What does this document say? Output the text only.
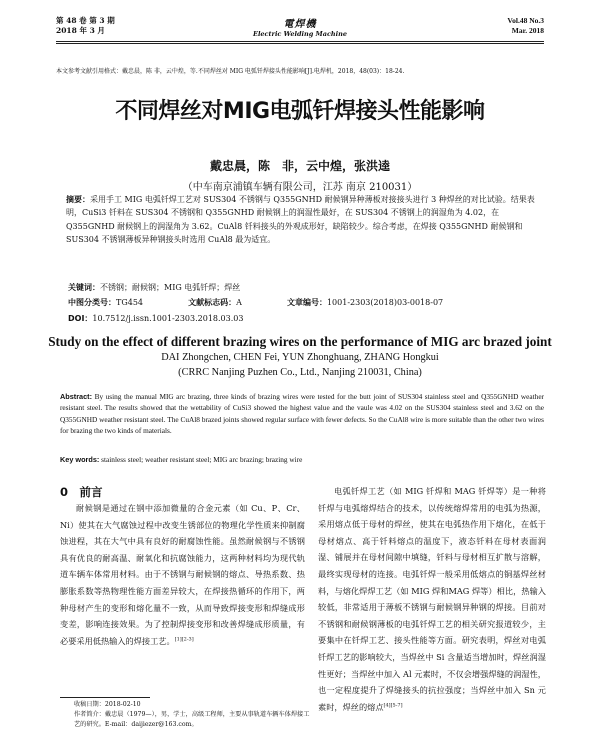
第 48 卷 第 3 期
2018 年 3 月
電焊機
Electric Welding Machine
Vol.48 No.3
Mar. 2018
本文参考文献引用格式：戴忠晨，陈 非，云中煌，等.不同焊丝对 MIG 电弧钎焊接头性能影响[J].电焊机，2018，48(03)：18-24.
不同焊丝对MIG电弧钎焊接头性能影响
戴忠晨，陈　非，云中煌，张洪逵
（中车南京浦镇车辆有限公司，江苏 南京 210031）
摘要：采用手工 MIG 电弧钎焊工艺对 SUS304 不锈钢与 Q355GNHD 耐候钢异种薄板对接接头进行 3 种焊丝的对比试验。结果表明，CuSi3 钎料在 SUS304 不锈钢和 Q355GNHD 耐候钢上的润湿性最好，在 SUS304 不锈钢上的润湿角为 4.02，在 Q355GNHD 耐候钢上的润湿角为 3.62。CuAl8 钎料接头的外观成形好，缺陷较少。综合考虑，在焊接 Q355GNHD 耐候钢和 SUS304 不锈钢薄板异种钢接头时选用 CuAl8 最为适宜。
关键词：不锈钢；耐候钢；MIG 电弧钎焊；焊丝
中图分类号：TG454	文献标志码：A	文章编号：1001-2303(2018)03-0018-07
DOI：10.7512/j.issn.1001-2303.2018.03.03
Study on the effect of different brazing wires on the performance of MIG arc brazed joint
DAI Zhongchen, CHEN Fei, YUN Zhonghuang, ZHANG Hongkui
(CRRC Nanjing Puzhen Co., Ltd., Nanjing 210031, China)
Abstract: By using the manual MIG arc brazing, three kinds of brazing wires were tested for the butt joint of SUS304 stainless steel and Q355GNHD weather resistant steel. The results showed that the wettability of CuSi3 showed the highest value and the vaule was 4.02 on the SUS304 stainless steel and 3.62 on the Q355GNHD weather resistant steel. The CuAl8 brazed joints showed regular surface with fewer defects. So the CuAl8 wire is more suitable than the other two wires for brazing the two kinds of materials.
Key words: stainless steel; weather resistant steel; MIG arc brazing; brazing wire
0　前言
耐候钢是通过在钢中添加微量的合金元素（如 Cu、P、Cr、Ni）使其在大气腐蚀过程中改变生锈部位的物理化学性质来抑制腐蚀进程，其在大气中具有良好的耐腐蚀性能。虽然耐候钢与不锈钢具有优良的耐高温、耐氧化和抗腐蚀能力，这两种材料均为现代轨道车辆车体常用材料。由于不锈钢与耐候钢的熔点、导热系数、热膨胀系数等热物理性能方面差异较大，在焊接热循环的作用下，两种母材产生的变形和熔化量不一致，从而导致焊接变形和焊缝成形变差，影响连接效果。为了控制焊接变形和改善焊缝成形质量，有必要采用低热输入的焊接工艺。[1][2-3]
电弧钎焊工艺（如 MIG 钎焊和 MAG 钎焊等）是一种将钎焊与电弧熔焊结合的技术，以传统熔焊常用的电弧为热源，采用熔点低于母材的焊丝，使其在电弧热作用下熔化，在低于母材熔点、高于钎料熔点的温度下，液态钎料在母材表面润湿、铺展并在母材间隙中填缝，钎料与母材相互扩散与溶解，最终实现母材的连接。电弧钎焊一般采用低熔点的铜基焊丝材料，与熔化焊焊工艺（如 MIG 焊和MAG 焊等）相比，热输入较低，非常适用于薄板不锈钢与耐候钢异种钢的焊接。目前对不锈钢和耐候钢薄板的电弧钎焊工艺的相关研究报道较少，主要集中在钎焊工艺、接头性能等方面。研究表明，焊丝对电弧钎焊工艺的影响较大，当焊丝中 Si 含量适当增加时，焊丝润湿性更好；当焊丝中加入 Al 元素时，不仅会增强焊缝的润湿性，也一定程度提升了焊缝接头的抗拉强度；当焊丝中加入 Sn 元素时，焊丝的熔点[4][5-7]
收稿日期：2018-02-10
作者简介：戴忠晨（1979—），男，学士，高级工程师，主要从事轨道车辆车体焊接工艺的研究。E-mail：daijiezer@163.com。
